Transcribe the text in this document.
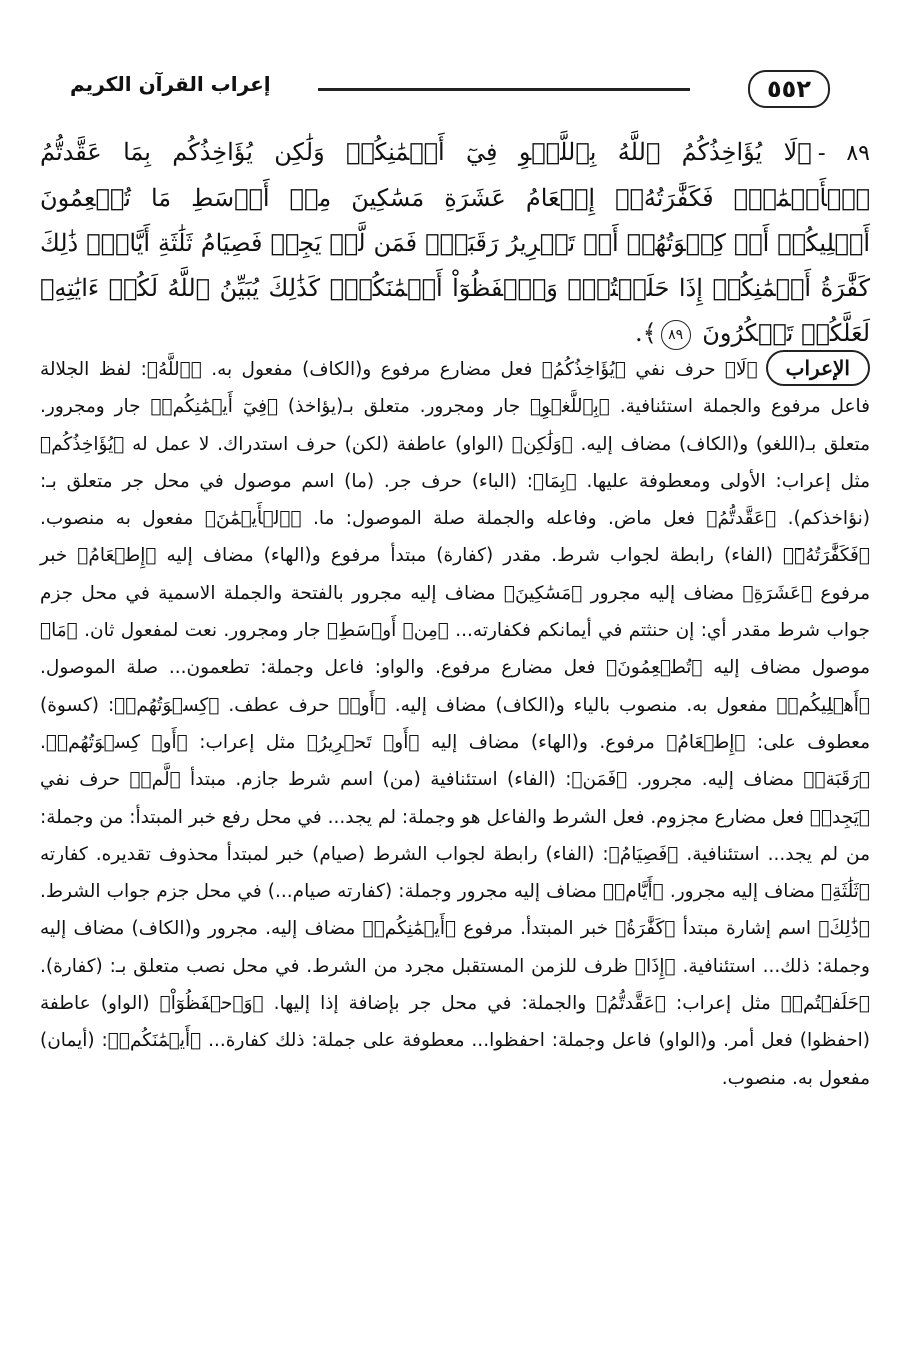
٥٥٢
إعراب القرآن الكريم
٨٩ -﴿لَا يُؤَاخِذُكُمُ ٱللَّهُ بِٱللَّغۡوِ فِيٓ أَيۡمَٰنِكُمۡ وَلَٰكِن يُؤَاخِذُكُم بِمَا عَقَّدتُّمُ ٱلۡأَيۡمَٰنَۖ فَكَفَّٰرَتُهُۥٓ إِطۡعَامُ عَشَرَةِ مَسَٰكِينَ مِنۡ أَوۡسَطِ مَا تُطۡعِمُونَ أَهۡلِيكُمۡ أَوۡ كِسۡوَتُهُمۡ أَوۡ تَحۡرِيرُ رَقَبَةٖۖ فَمَن لَّمۡ يَجِدۡ فَصِيَامُ ثَلَٰثَةِ أَيَّامٖۚ ذَٰلِكَ كَفَّٰرَةُ أَيۡمَٰنِكُمۡ إِذَا حَلَفۡتُمۡۚ وَٱحۡفَظُوٓاْ أَيۡمَٰنَكُمۡۚ كَذَٰلِكَ يُبَيِّنُ ٱللَّهُ لَكُمۡ ءَايَٰتِهِۦ لَعَلَّكُمۡ تَشۡكُرُونَ ٨٩﴾.
الإعراب﴿لَا﴾ حرف نفي ﴿يُؤَاخِذُكُمُ﴾ فعل مضارع مرفوع و(الكاف) مفعول به. ﴿ٱللَّهُ﴾: لفظ الجلالة فاعل مرفوع والجملة استئنافية. ﴿بِٱللَّغۡوِ﴾ جار ومجرور. متعلق بـ(يؤاخذ) ﴿فِيٓ أَيۡمَٰنِكُمۡ﴾ جار ومجرور. متعلق بـ(اللغو) و(الكاف) مضاف إليه. ﴿وَلَٰكِن﴾ (الواو) عاطفة (لكن) حرف استدراك. لا عمل له ﴿يُؤَاخِذُكُم﴾ مثل إعراب: الأولى ومعطوفة عليها. ﴿بِمَا﴾: (الباء) حرف جر. (ما) اسم موصول في محل جر متعلق بـ: (نؤاخذكم). ﴿عَقَّدتُّمُ﴾ فعل ماض. وفاعله والجملة صلة الموصول: ما. ﴿ٱلۡأَيۡمَٰنَ﴾ مفعول به منصوب. ﴿فَكَفَّٰرَتُهُۥٓ﴾ (الفاء) رابطة لجواب شرط. مقدر (كفارة) مبتدأ مرفوع و(الهاء) مضاف إليه ﴿إِطۡعَامُ﴾ خبر مرفوع ﴿عَشَرَةِ﴾ مضاف إليه مجرور ﴿مَسَٰكِينَ﴾ مضاف إليه مجرور بالفتحة والجملة الاسمية في محل جزم جواب شرط مقدر أي: إن حنثتم في أيمانكم فكفارته... ﴿مِنۡ أَوۡسَطِ﴾ جار ومجرور. نعت لمفعول ثان. ﴿مَا﴾ موصول مضاف إليه ﴿تُطۡعِمُونَ﴾ فعل مضارع مرفوع. والواو: فاعل وجملة: تطعمون... صلة الموصول. ﴿أَهۡلِيكُمۡ﴾ مفعول به. منصوب بالياء و(الكاف) مضاف إليه. ﴿أَوۡ﴾ حرف عطف. ﴿كِسۡوَتُهُمۡ﴾: (كسوة) معطوف على: ﴿إِطۡعَامُ﴾ مرفوع. و(الهاء) مضاف إليه ﴿أَوۡ تَحۡرِيرُ﴾ مثل إعراب: ﴿أَوۡ كِسۡوَتُهُمۡ﴾. ﴿رَقَبَةٖ﴾ مضاف إليه. مجرور. ﴿فَمَن﴾: (الفاء) استئنافية (من) اسم شرط جازم. مبتدأ ﴿لَّمۡ﴾ حرف نفي ﴿يَجِدۡ﴾ فعل مضارع مجزوم. فعل الشرط والفاعل هو وجملة: لم يجد... في محل رفع خبر المبتدأ: من وجملة: من لم يجد... استئنافية. ﴿فَصِيَامُ﴾: (الفاء) رابطة لجواب الشرط (صيام) خبر لمبتدأ محذوف تقديره. كفارته ﴿ثَلَٰثَةِ﴾ مضاف إليه مجرور. ﴿أَيَّامٖ﴾ مضاف إليه مجرور وجملة: (كفارته صيام...) في محل جزم جواب الشرط. ﴿ذَٰلِكَ﴾ اسم إشارة مبتدأ ﴿كَفَّٰرَةُ﴾ خبر المبتدأ. مرفوع ﴿أَيۡمَٰنِكُمۡ﴾ مضاف إليه. مجرور و(الكاف) مضاف إليه وجملة: ذلك... استئنافية. ﴿إِذَا﴾ ظرف للزمن المستقبل مجرد من الشرط. في محل نصب متعلق بـ: (كفارة). ﴿حَلَفۡتُمۡ﴾ مثل إعراب: ﴿عَقَّدتُّمُ﴾ والجملة: في محل جر بإضافة إذا إليها. ﴿وَٱحۡفَظُوٓاْ﴾ (الواو) عاطفة (احفظوا) فعل أمر. و(الواو) فاعل وجملة: احفظوا... معطوفة على جملة: ذلك كفارة... ﴿أَيۡمَٰنَكُمۡ﴾: (أيمان) مفعول به. منصوب.
